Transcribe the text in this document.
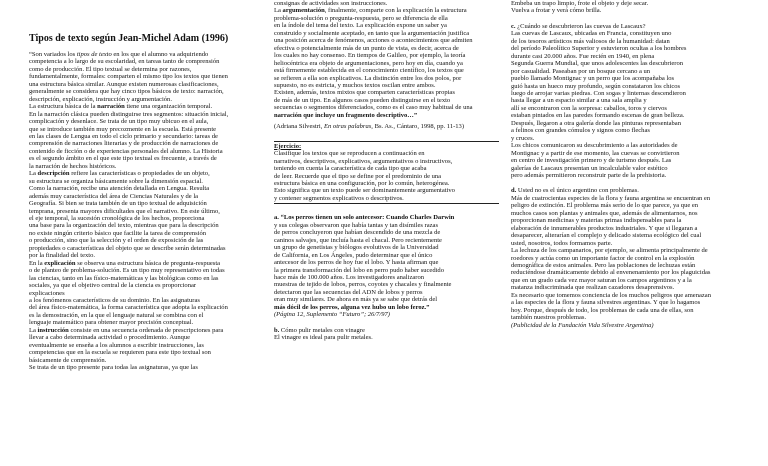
Tipos de texto según Jean-Michel Adam (1996)

“Son variados los tipos de texto en los que el alumno va adquiriendo

competencia a lo largo de su escolaridad, en tareas tanto de comprensión

como de producción. El tipo textual se determina por razones,

fundamentalmente, formales: comparten el mismo tipo los textos que tienen

una estructura básica similar. Aunque existen numerosas clasificaciones,

generalmente se considera que hay cinco tipos básicos de texto: narración,

descripción, explicación, instrucción y argumentación.

La estructura básica de la narración tiene una organización temporal.

En la narración clásica pueden distinguirse tres segmentos: situación inicial,

complicación y desenlace. Se trata de un tipo muy ubicuo en el aula,

que se introduce también muy precozmente en la escuela. Está presente

en las clases de Lengua en todo el ciclo primario y secundario: tareas de

comprensión de narraciones literarias y de producción de narraciones de

contenido de ficción o de experiencias personales del alumno. La Historia

es el segundo ámbito en el que este tipo textual es frecuente, a través de

la narración de hechos históricos.

La descripción refiere las características o propiedades de un objeto,

su estructura se organiza básicamente sobre la dimensión espacial.

Como la narración, recibe una atención detallada en Lengua. Resulta

además muy característica del área de Ciencias Naturales y de la

Geografía. Si bien se trata también de un tipo textual de adquisición

temprana, presenta mayores dificultades que el narrativo. En este último,

el eje temporal, la sucesión cronológica de los hechos, proporciona

una base para la organización del texto, mientras que para la descripción

no existe ningún criterio básico que facilite la tarea de comprensión

o producción, sino que la selección y el orden de exposición de las

propiedades o características del objeto que se describe serán determinadas

por la finalidad del texto.

En la explicación se observa una estructura básica de pregunta-respuesta

o de planteo de problema-solución. Es un tipo muy representativo en todas

las ciencias, tanto en las físico-matemáticas y las biológicas como en las

sociales, ya que el objetivo central de la ciencia es proporcionar

explicaciones

a los fenómenos característicos de su dominio. En las asignaturas

del área físico-matemática, la forma característica que adopta la explicación

es la demostración, en la que el lenguaje natural se combina con el

lenguaje matemático para obtener mayor precisión conceptual.

La instrucción consiste en una secuencia ordenada de prescripciones para

llevar a cabo determinada actividad o procedimiento. Aunque

eventualmente se enseña a los alumnos a escribir instrucciones, las

competencias que en la escuela se requieren para este tipo textual son

básicamente de comprensión.

Se trata de un tipo presente para todas las asignaturas, ya que las

consignas de actividades son instrucciones.

La argumentación, finalmente, comparte con la explicación la estructura

problema-solución o pregunta-respuesta, pero se diferencia de ella

en la índole del tema del texto. La explicación expone un saber ya

construido y socialmente aceptado, en tanto que la argumentación justifica

una posición acerca de fenómenos, acciones o acontecimientos que admiten

efectiva o potencialmente más de un punto de vista, es decir, acerca de

los cuales no hay consenso. En tiempos de Galileo, por ejemplo, la teoría

heliocéntrica era objeto de argumentaciones, pero hoy en día, cuando ya

está firmemente establecida en el conocimiento científico, los textos que

se refieren a ella son explicativos. La distinción entre los dos polos, por

supuesto, no es estricta, y muchos textos oscilan entre ambos.

Existen, además, textos mixtos que comparten características propias

de más de un tipo. En algunos casos pueden distinguirse en el texto

secuencias o segmentos diferenciados, como es el caso muy habitual de una

narración que incluye un fragmento descriptivo…”

(Adriana Silvestri, En otras palabras, Bs. As., Cántaro, 1998, pp. 11-13)

Ejercicio:

Clasifique los textos que se reproducen a continuación en

narrativos, descriptivos, explicativos, argumentativos o instructivos,

teniendo en cuenta la característica de cada tipo que acaba

de leer. Recuerde que el tipo se define por el predominio de una

estructura básica en una configuración, por lo común, heterogénea.

Esto significa que un texto puede ser dominantemente argumentativo

y contener segmentos explicativos o descriptivos.

a. “Los perros tienen un solo antecesor: Cuando Charles Darwin

y sus colegas observaron que había tantas y tan disímiles razas

de perros concluyeron que habían descendido de una mezcla de

caninos salvajes, que incluía hasta el chacal. Pero recientemente

un grupo de genetistas y biólogos evolutivos de la Universidad

de California, en Los Ángeles, pudo determinar que el único

antecesor de los perros de hoy fue el lobo. Y hasta afirman que

la primera transformación del lobo en perro pudo haber sucedido

hace más de 100.000 años. Los investigadores analizaron

muestras de tejido de lobos, perros, coyotes y chacales y finalmente

detectaron que las secuencias del ADN de lobos y perros

eran muy similares. De ahora en más ya se sabe que detrás del

más dócil de los perros, alguna vez hubo un lobo feroz.”

(Página 12, Suplemento “Futuro”; 26/7/97)

b. Cómo pulir metales con vinagre

El vinagre es ideal para pulir metales.

Embeba un trapo limpio, frote el objeto y deje secar.

Vuelva a frotar y verá cómo brilla.

c. ¿Cuándo se descubrieron las cuevas de Lascaux?

Las cuevas de Lascaux, ubicadas en Francia, constituyen uno

de los tesoros artísticos más valiosos de la humanidad: datan

del período Paleolítico Superior y estuvieron ocultas a los hombres

durante casi 20.000 años. Fue recién en 1940, en plena

Segunda Guerra Mundial, que unos adolescentes las descubrieron

por casualidad. Paseaban por un bosque cercano a un

pueblo llamado Montignac y un perro que los acompañaba los

guió hasta un hueco muy profundo, según constataron los chicos

luego de arrojar varias piedras. Con sogas y linternas descendieron

hasta llegar a un espacio similar a una sala amplia y

allí se encontraron con la sorpresa: caballos, toros y ciervos

estaban pintados en las paredes formando escenas de gran belleza.

Después, llegaron a otra galería donde las pinturas representaban

a felinos con grandes cómulos y signos como flechas

y cruces.

Los chicos comunicaron su descubrimiento a las autoridades de

Montignac y a partir de ese momento, las cuevas se convirtieron

en centro de investigación primero y de turismo después. Las

galerías de Lascaux presentan un incalculable valor estético

pero además permitieron reconstruir parte de la prehistoria.

d. Usted no es el único argentino con problemas.

Más de cuatrocientas especies de la flora y fauna argentina se encuentran en

peligro de extinción. El problema más serio de lo que parece, ya que en

muchos casos son plantas y animales que, además de alimentarnos, nos

proporcionan medicinas y materias primas indispensables para la

elaboración de innumerables productos industriales. Y que si llegaran a

desaparecer, alterarían el complejo y delicado sistema ecológico del cual

usted, nosotros, todos formamos parte.

La lechuza de los campanarios, por ejemplo, se alimenta principalmente de

roedores y actúa como un importante factor de control en la explosión

demográfica de estos animales. Pero las poblaciones de lechuzas están

reduciéndose dramáticamente debido al envenenamiento por los plaguicidas

que en un grado cada vez mayor saturan los campos argentinos y a la

matanza indiscriminada que realizan cazadores desaprensivos.

Es necesario que tomemos conciencia de los muchos peligros que amenazan

a las especies de la flora y fauna silvestres argentinas. Y que lo hagamos

hoy. Porque, después de todo, los problemas de cada una de ellas, son

también nuestros problemas.

(Publicidad de la Fundación Vida Silvestre Argentina)
